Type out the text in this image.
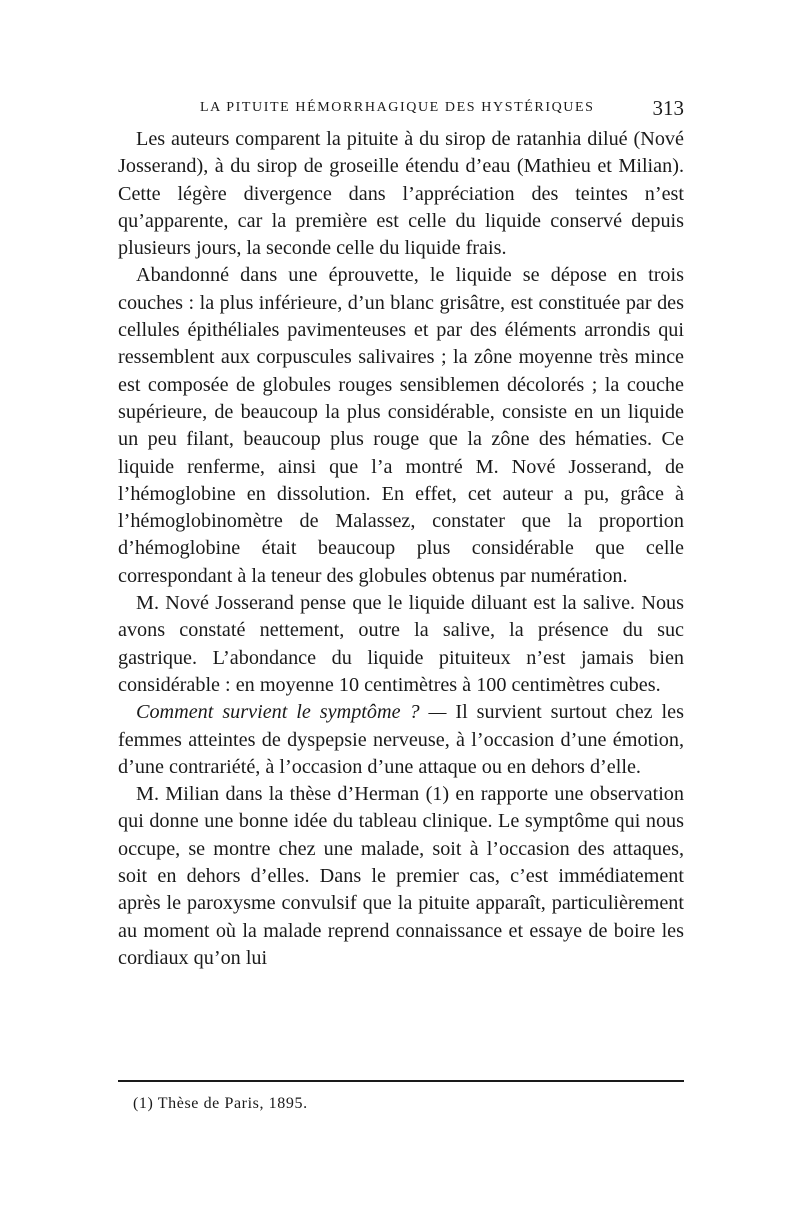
LA PITUITE HÉMORRHAGIQUE DES HYSTÉRIQUES	313

Les auteurs comparent la pituite à du sirop de ratanhia dilué (Nové Josserand), à du sirop de groseille étendu d’eau (Mathieu et Milian). Cette légère divergence dans l’appréciation des teintes n’est qu’apparente, car la première est celle du liquide conservé depuis plusieurs jours, la seconde celle du liquide frais.

Abandonné dans une éprouvette, le liquide se dépose en trois couches : la plus inférieure, d’un blanc grisâtre, est constituée par des cellules épithéliales pavimenteuses et par des éléments arrondis qui ressemblent aux corpuscules salivaires ; la zône moyenne très mince est composée de globules rouges sensiblemen décolorés ; la couche supérieure, de beaucoup la plus considérable, consiste en un liquide un peu filant, beaucoup plus rouge que la zône des hématies. Ce liquide renferme, ainsi que l’a montré M. Nové Josserand, de l’hémoglobine en dissolution. En effet, cet auteur a pu, grâce à l’hémoglobinomètre de Malassez, constater que la proportion d’hémoglobine était beaucoup plus considérable que celle correspondant à la teneur des globules obtenus par numération.

M. Nové Josserand pense que le liquide diluant est la salive. Nous avons constaté nettement, outre la salive, la présence du suc gastrique. L’abondance du liquide pituiteux n’est jamais bien considérable : en moyenne 10 centimètres à 100 centimètres cubes.

Comment survient le symptôme ? — Il survient surtout chez les femmes atteintes de dyspepsie nerveuse, à l’occasion d’une émotion, d’une contrariété, à l’occasion d’une attaque ou en dehors d’elle.

M. Milian dans la thèse d’Herman (1) en rapporte une observation qui donne une bonne idée du tableau clinique. Le symptôme qui nous occupe, se montre chez une malade, soit à l’occasion des attaques, soit en dehors d’elles. Dans le premier cas, c’est immédiatement après le paroxysme convulsif que la pituite apparaît, particulièrement au moment où la malade reprend connaissance et essaye de boire les cordiaux qu’on lui

(1) Thèse de Paris, 1895.
